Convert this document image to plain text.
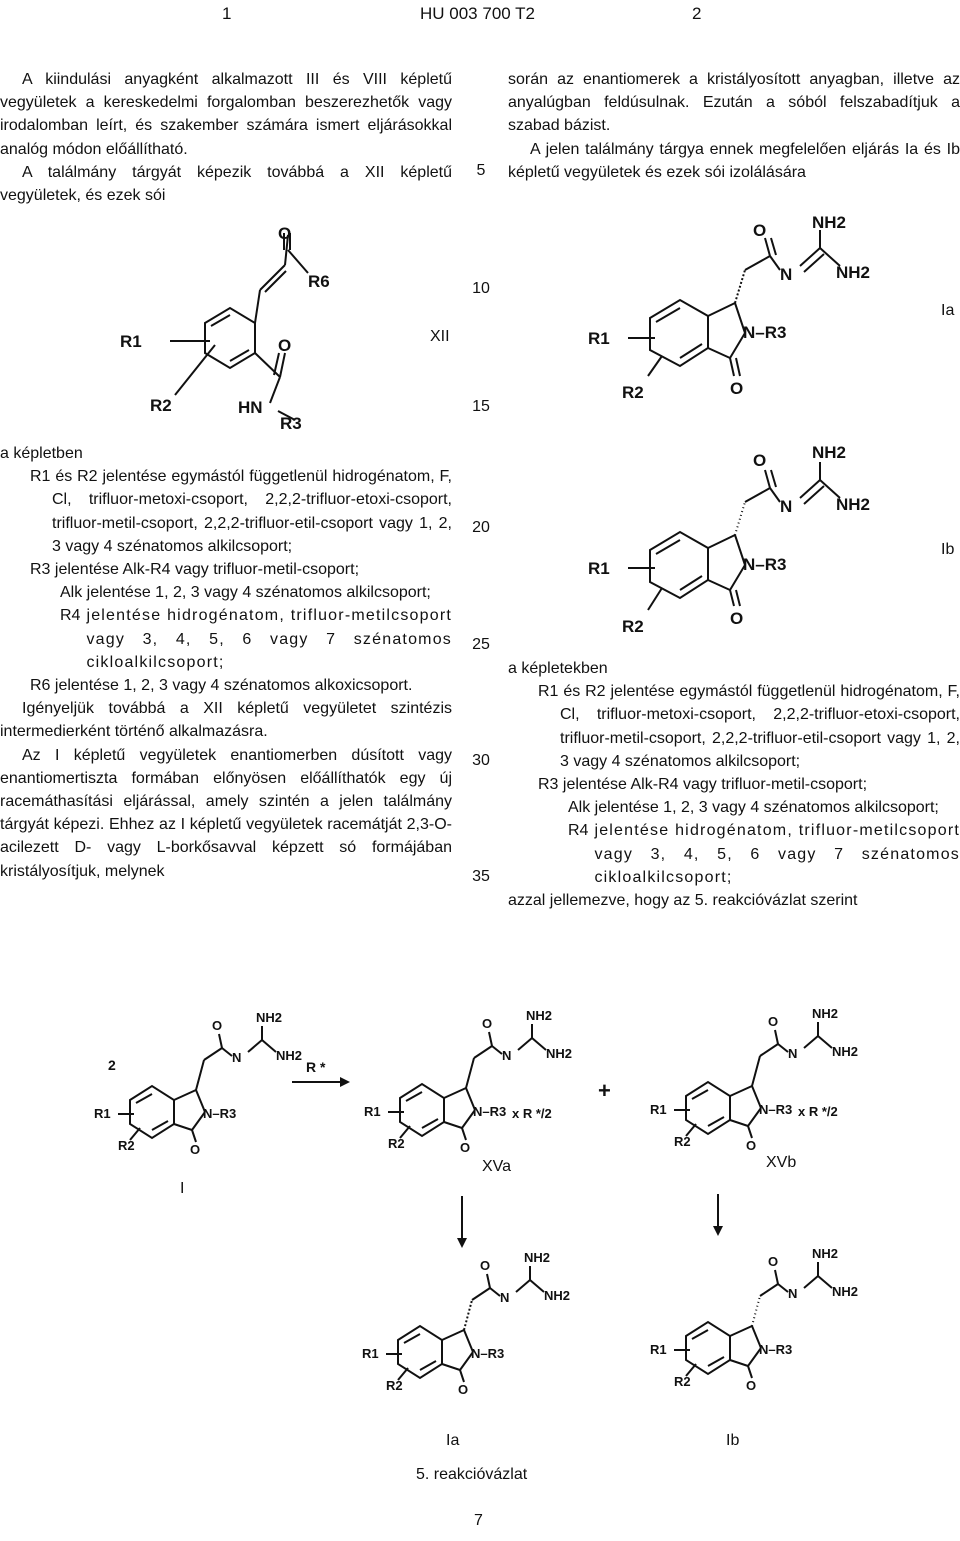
1	HU 003 700 T2	2

A kiindulási anyagként alkalmazott III és VIII képletű vegyületek a kereskedelmi forgalomban beszerezhetők vagy irodalomban leírt, és szakember számára ismert eljárásokkal analóg módon előállítható.

A találmány tárgyát képezik továbbá a XII képletű vegyületek, és ezek sói

során az enantiomerek a kristályosított anyagban, illetve az anyalúgban feldúsulnak. Ezután a sóból felszabadítjuk a szabad bázist.

A jelen találmány tárgya ennek megfelelően eljárás Ia és Ib képletű vegyületek és ezek sói izolálására

5
10
15
20
25
30
35
O
R6
O
HN
R3
R1
R2
XII
O	NH2
N	NH2
N–R3
O
R1
R2
Ia
O	NH2
N	NH2
N–R3
O
R1
R2
Ib

a képletben

R1 és R2 jelentése egymástól függetlenül hidrogénatom, F, Cl, trifluor-metoxi-csoport, 2,2,2-trifluor-etoxi-csoport, trifluor-metil-csoport, 2,2,2-trifluor-etil-csoport vagy 1, 2, 3 vagy 4 szénatomos alkilcsoport;

R3 jelentése Alk-R4 vagy trifluor-metil-csoport;

Alk jelentése 1, 2, 3 vagy 4 szénatomos alkilcsoport;

R4 jelentése hidrogénatom, trifluor-metilcsoport vagy 3, 4, 5, 6 vagy 7 szénatomos cikloalkilcsoport;

R6 jelentése 1, 2, 3 vagy 4 szénatomos alkoxicsoport.

Igényeljük továbbá a XII képletű vegyületet szintézis intermedierként történő alkalmazásra.

Az I képletű vegyületek enantiomerben dúsított vagy enantiomertiszta formában előnyösen előállíthatók egy új racemáthasítási eljárással, amely szintén a jelen találmány tárgyát képezi. Ehhez az I képletű vegyületek racemátját 2,3-O-acilezett D- vagy L-borkősavval képzett só formájában kristályosítjuk, melynek

a képletekben

R1 és R2 jelentése egymástól függetlenül hidrogénatom, F, Cl, trifluor-metoxi-csoport, 2,2,2-trifluor-etoxi-csoport, trifluor-metil-csoport, 2,2,2-trifluor-etil-csoport vagy 1, 2, 3 vagy 4 szénatomos alkilcsoport;

R3 jelentése Alk-R4 vagy trifluor-metil-csoport;

Alk jelentése 1, 2, 3 vagy 4 szénatomos alkilcsoport;

R4 jelentése hidrogénatom, trifluor-metilcsoport vagy 3, 4, 5, 6 vagy 7 szénatomos cikloalkilcsoport;

azzal jellemezve, hogy az 5. reakcióvázlat szerint

O
NH2
N	NH2
N–R3
O
R1
R2
2	R *
O
NH2
N	NH2
N–R3
O
R1
R2
x R */2
+
O
NH2
N	NH2
N–R3
O
R1
R2
x R */2
O
NH2
N	NH2
N–R3
O
R1
R2
O
NH2
N	NH2
N–R3
O
R1
R2
I
XVa	XVb
Ia	Ib
5. reakcióvázlat
7
